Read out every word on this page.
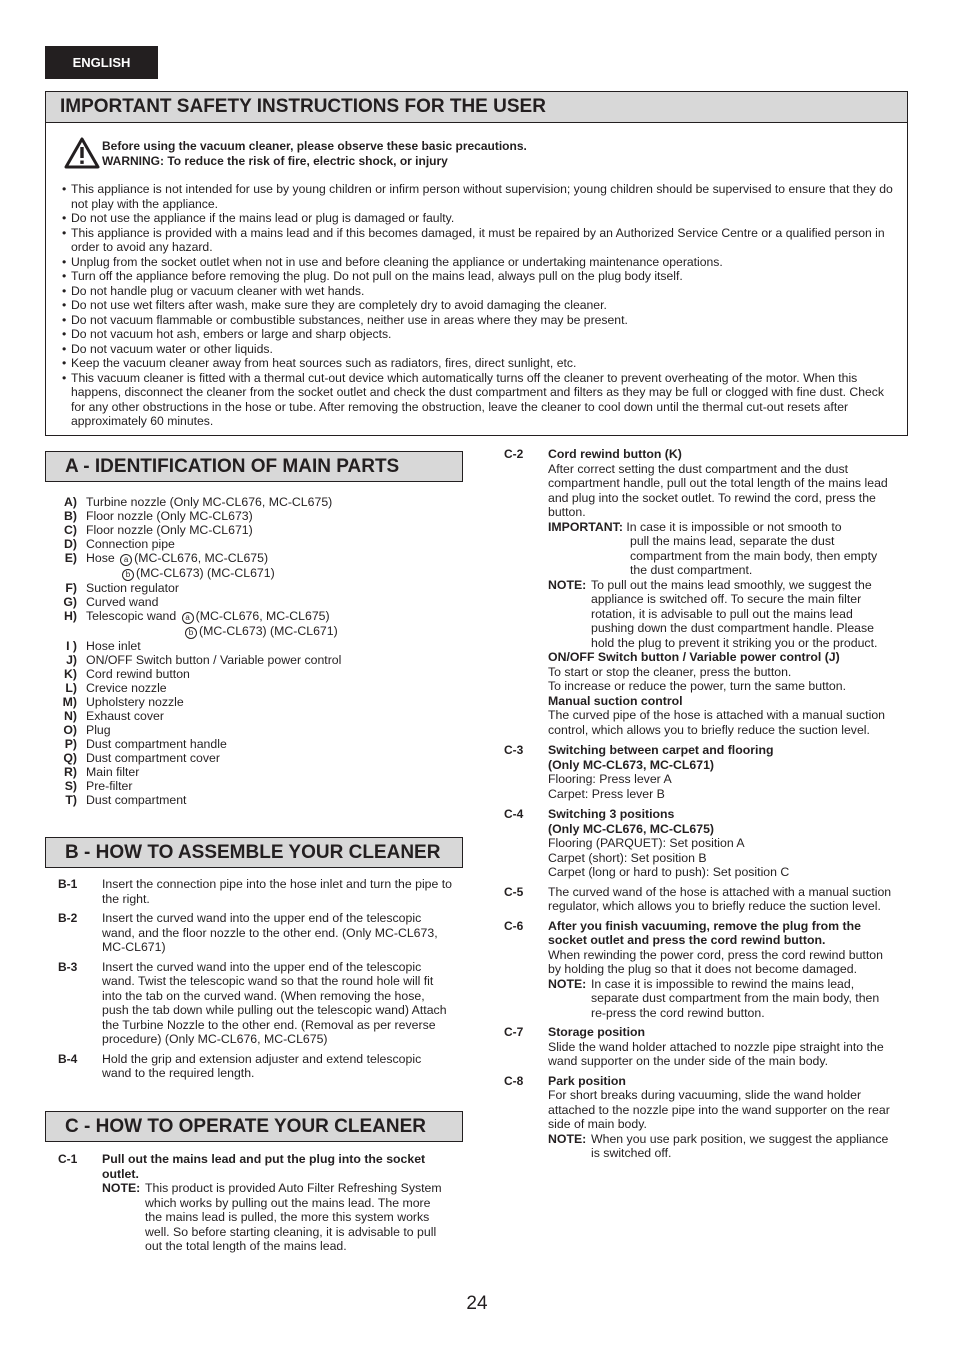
ENGLISH
IMPORTANT SAFETY INSTRUCTIONS FOR THE USER
Before using the vacuum cleaner, please observe these basic precautions.
WARNING: To reduce the risk of fire, electric shock, or injury
• This appliance is not intended for use by young children or infirm person without supervision; young children should be supervised to ensure that they do not play with the appliance.
• Do not use the appliance if the mains lead or plug is damaged or faulty.
• This appliance is provided with a mains lead and if this becomes damaged, it must be repaired by an Authorized Service Centre or a qualified person in order to avoid any hazard.
• Unplug from the socket outlet when not in use and before cleaning the appliance or undertaking maintenance operations.
• Turn off the appliance before removing the plug. Do not pull on the mains lead, always pull on the plug body itself.
• Do not handle plug or vacuum cleaner with wet hands.
• Do not use wet filters after wash, make sure they are completely dry to avoid damaging the cleaner.
• Do not vacuum flammable or combustible substances, neither use in areas where they may be present.
• Do not vacuum hot ash, embers or large and sharp objects.
• Do not vacuum water or other liquids.
• Keep the vacuum cleaner away from heat sources such as radiators, fires, direct sunlight, etc.
• This vacuum cleaner is fitted with a thermal cut-out device which automatically turns off the cleaner to prevent overheating of the motor. When this happens, disconnect the cleaner from the socket outlet and check the dust compartment and filters as they may be full or clogged with fine dust. Check for any other obstructions in the hose or tube. After removing the obstruction, leave the cleaner to cool down until the thermal cut-out resets after approximately 60 minutes.
A - IDENTIFICATION OF MAIN PARTS
A) Turbine nozzle (Only MC-CL676, MC-CL675)
B) Floor nozzle (Only MC-CL673)
C) Floor nozzle (Only MC-CL671)
D) Connection pipe
E) Hose a (MC-CL676, MC-CL675)
b (MC-CL673) (MC-CL671)
F) Suction regulator
G) Curved wand
H) Telescopic wand a (MC-CL676, MC-CL675)
b (MC-CL673) (MC-CL671)
I ) Hose inlet
J) ON/OFF Switch button / Variable power control
K) Cord rewind button
L) Crevice nozzle
M) Upholstery nozzle
N) Exhaust cover
O) Plug
P) Dust compartment handle
Q) Dust compartment cover
R) Main filter
S) Pre-filter
T) Dust compartment
B - HOW TO ASSEMBLE YOUR CLEANER
B-1 Insert the connection pipe into the hose inlet and turn the pipe to the right.
B-2 Insert the curved wand into the upper end of the telescopic wand, and the floor nozzle to the other end. (Only MC-CL673, MC-CL671)
B-3 Insert the curved wand into the upper end of the telescopic wand. Twist the telescopic wand so that the round hole will fit into the tab on the curved wand. (When removing the hose, push the tab down while pulling out the telescopic wand) Attach the Turbine Nozzle to the other end. (Removal as per reverse procedure) (Only MC-CL676, MC-CL675)
B-4 Hold the grip and extension adjuster and extend telescopic wand to the required length.
C - HOW TO OPERATE YOUR CLEANER
C-1 Pull out the mains lead and put the plug into the socket outlet.
NOTE: This product is provided Auto Filter Refreshing System which works by pulling out the mains lead. The more the mains lead is pulled, the more this system works well. So before starting cleaning, it is advisable to pull out the total length of the mains lead.
C-2 Cord rewind button (K)
After correct setting the dust compartment and the dust compartment handle, pull out the total length of the mains lead and plug into the socket outlet. To rewind the cord, press the button.
IMPORTANT: In case it is impossible or not smooth to
pull the mains lead, separate the dust compartment from the main body, then empty the dust compartment.
NOTE: To pull out the mains lead smoothly, we suggest the appliance is switched off. To secure the main filter rotation, it is advisable to pull out the mains lead pushing down the dust compartment handle. Please hold the plug to prevent it striking you or the product.
ON/OFF Switch button / Variable power control (J)
To start or stop the cleaner, press the button.
To increase or reduce the power, turn the same button.
Manual suction control
The curved pipe of the hose is attached with a manual suction control, which allows you to briefly reduce the suction level.
C-3 Switching between carpet and flooring
(Only MC-CL673, MC-CL671)
Flooring: Press lever A
Carpet: Press lever B
C-4 Switching 3 positions
(Only MC-CL676, MC-CL675)
Flooring (PARQUET): Set position A
Carpet (short): Set position B
Carpet (long or hard to push): Set position C
C-5 The curved wand of the hose is attached with a manual suction regulator, which allows you to briefly reduce the suction level.
C-6 After you finish vacuuming, remove the plug from the socket outlet and press the cord rewind button.
When rewinding the power cord, press the cord rewind button by holding the plug so that it does not become damaged.
NOTE: In case it is impossible to rewind the mains lead, separate dust compartment from the main body, then re-press the cord rewind button.
C-7 Storage position
Slide the wand holder attached to nozzle pipe straight into the wand supporter on the under side of the main body.
C-8 Park position
For short breaks during vacuuming, slide the wand holder attached to the nozzle pipe into the wand supporter on the rear side of main body.
NOTE: When you use park position, we suggest the appliance is switched off.
24
